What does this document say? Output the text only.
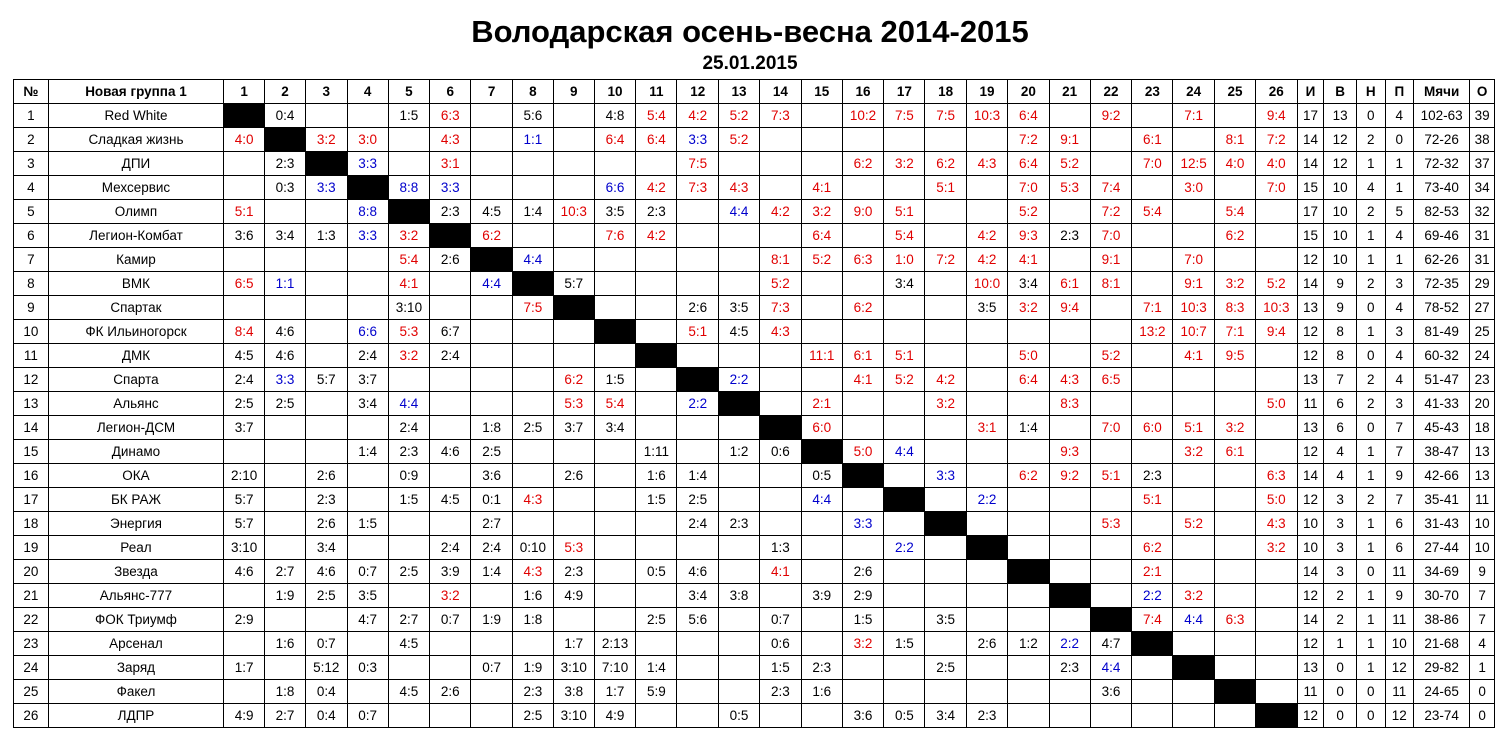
Володарская осень-весна 2014-2015
25.01.2015
№	Новая группа 1	1	2	3	4	5	6	7	8	9	10	11	12	13	14	15	16	17	18	19	20	21	22	23	24	25	26	И	В	Н	П	Мячи	О
1	Red White		0:4			1:5	6:3		5:6		4:8	5:4	4:2	5:2	7:3		10:2	7:5	7:5	10:3	6:4		9:2		7:1		9:4	17	13	0	4	102-63	39
2	Сладкая жизнь	4:0		3:2	3:0		4:3		1:1		6:4	6:4	3:3	5:2							7:2	9:1		6:1		8:1	7:2	14	12	2	0	72-26	38
3	ДПИ		2:3		3:3		3:1						7:5				6:2	3:2	6:2	4:3	6:4	5:2		7:0	12:5	4:0	4:0	14	12	1	1	72-32	37
4	Мехсервис		0:3	3:3		8:8	3:3				6:6	4:2	7:3	4:3		4:1			5:1		7:0	5:3	7:4		3:0		7:0	15	10	4	1	73-40	34
5	Олимп	5:1			8:8		2:3	4:5	1:4	10:3	3:5	2:3		4:4	4:2	3:2	9:0	5:1			5:2		7:2	5:4		5:4		17	10	2	5	82-53	32
6	Легион-Комбат	3:6	3:4	1:3	3:3	3:2		6:2			7:6	4:2				6:4		5:4		4:2	9:3	2:3	7:0			6:2		15	10	1	4	69-46	31
7	Камир					5:4	2:6		4:4						8:1	5:2	6:3	1:0	7:2	4:2	4:1		9:1		7:0			12	10	1	1	62-26	31
8	ВМК	6:5	1:1			4:1		4:4		5:7					5:2			3:4		10:0	3:4	6:1	8:1		9:1	3:2	5:2	14	9	2	3	72-35	29
9	Спартак					3:10			7:5				2:6	3:5	7:3		6:2			3:5	3:2	9:4		7:1	10:3	8:3	10:3	13	9	0	4	78-52	27
10	ФК Ильиногорск	8:4	4:6		6:6	5:3	6:7						5:1	4:5	4:3									13:2	10:7	7:1	9:4	12	8	1	3	81-49	25
11	ДМК	4:5	4:6		2:4	3:2	2:4									11:1	6:1	5:1			5:0		5:2		4:1	9:5		12	8	0	4	60-32	24
12	Спарта	2:4	3:3	5:7	3:7					6:2	1:5			2:2			4:1	5:2	4:2		6:4	4:3	6:5					13	7	2	4	51-47	23
13	Альянс	2:5	2:5		3:4	4:4				5:3	5:4		2:2			2:1			3:2			8:3					5:0	11	6	2	3	41-33	20
14	Легион-ДСМ	3:7				2:4		1:8	2:5	3:7	3:4					6:0				3:1	1:4		7:0	6:0	5:1	3:2		13	6	0	7	45-43	18
15	Динамо				1:4	2:3	4:6	2:5				1:11		1:2	0:6		5:0	4:4				9:3			3:2	6:1		12	4	1	7	38-47	13
16	ОКА	2:10		2:6		0:9		3:6		2:6		1:6	1:4			0:5			3:3		6:2	9:2	5:1	2:3			6:3	14	4	1	9	42-66	13
17	БК РАЖ	5:7		2:3		1:5	4:5	0:1	4:3			1:5	2:5			4:4				2:2				5:1			5:0	12	3	2	7	35-41	11
18	Энергия	5:7		2:6	1:5			2:7					2:4	2:3			3:3						5:3		5:2		4:3	10	3	1	6	31-43	10
19	Реал	3:10		3:4			2:4	2:4	0:10	5:3					1:3			2:2						6:2			3:2	10	3	1	6	27-44	10
20	Звезда	4:6	2:7	4:6	0:7	2:5	3:9	1:4	4:3	2:3		0:5	4:6		4:1		2:6							2:1				14	3	0	11	34-69	9
21	Альянс-777		1:9	2:5	3:5		3:2		1:6	4:9			3:4	3:8		3:9	2:9							2:2	3:2			12	2	1	9	30-70	7
22	ФОК Триумф	2:9			4:7	2:7	0:7	1:9	1:8			2:5	5:6		0:7		1:5		3:5					7:4	4:4	6:3		14	2	1	11	38-86	7
23	Арсенал		1:6	0:7		4:5				1:7	2:13				0:6		3:2	1:5		2:6	1:2	2:2	4:7					12	1	1	10	21-68	4
24	Заряд	1:7		5:12	0:3			0:7	1:9	3:10	7:10	1:4			1:5	2:3			2:5			2:3	4:4					13	0	1	12	29-82	1
25	Факел		1:8	0:4		4:5	2:6		2:3	3:8	1:7	5:9			2:3	1:6							3:6					11	0	0	11	24-65	0
26	ЛДПР	4:9	2:7	0:4	0:7				2:5	3:10	4:9			0:5			3:6	0:5	3:4	2:3								12	0	0	12	23-74	0
